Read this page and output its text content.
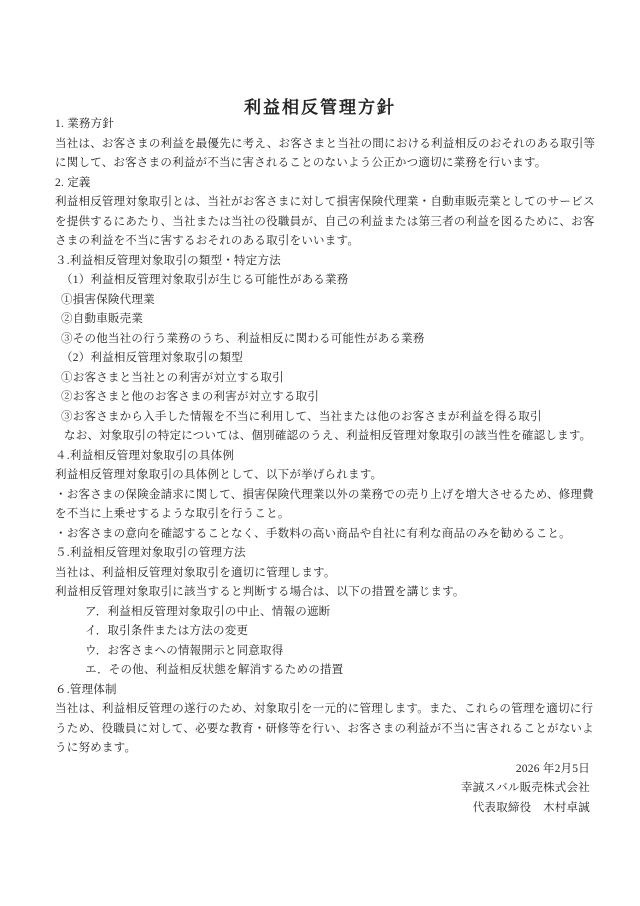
利益相反管理方針
1. 業務方針
当社は、お客さまの利益を最優先に考え、お客さまと当社の間における利益相反のおそれのある取引等
に関して、お客さまの利益が不当に害されることのないよう公正かつ適切に業務を行います。
2. 定義
利益相反管理対象取引とは、当社がお客さまに対して損害保険代理業・自動車販売業としてのサービス
を提供するにあたり、当社または当社の役職員が、自己の利益または第三者の利益を図るために、お客
さまの利益を不当に害するおそれのある取引をいいます。
３.利益相反管理対象取引の類型・特定方法
（1）利益相反管理対象取引が生じる可能性がある業務
①損害保険代理業
②自動車販売業
③その他当社の行う業務のうち、利益相反に関わる可能性がある業務
（2）利益相反管理対象取引の類型
①お客さまと当社との利害が対立する取引
②お客さまと他のお客さまの利害が対立する取引
③お客さまから入手した情報を不当に利用して、当社または他のお客さまが利益を得る取引
なお、対象取引の特定については、個別確認のうえ、利益相反管理対象取引の該当性を確認します。
４.利益相反管理対象取引の具体例
利益相反管理対象取引の具体例として、以下が挙げられます。
・お客さまの保険金請求に関して、損害保険代理業以外の業務での売り上げを増大させるため、修理費
を不当に上乗せするような取引を行うこと。
・お客さまの意向を確認することなく、手数料の高い商品や自社に有利な商品のみを勧めること。
５.利益相反管理対象取引の管理方法
当社は、利益相反管理対象取引を適切に管理します。
利益相反管理対象取引に該当すると判断する場合は、以下の措置を講じます。
ア．利益相反管理対象取引の中止、情報の遮断
イ．取引条件または方法の変更
ウ．お客さまへの情報開示と同意取得
エ．その他、利益相反状態を解消するための措置
６.管理体制
当社は、利益相反管理の遂行のため、対象取引を一元的に管理します。また、これらの管理を適切に行
うため、役職員に対して、必要な教育・研修等を行い、お客さまの利益が不当に害されることがないよ
うに努めます。
2026 年2月5日
幸誠スバル販売株式会社
代表取締役　木村卓誠
